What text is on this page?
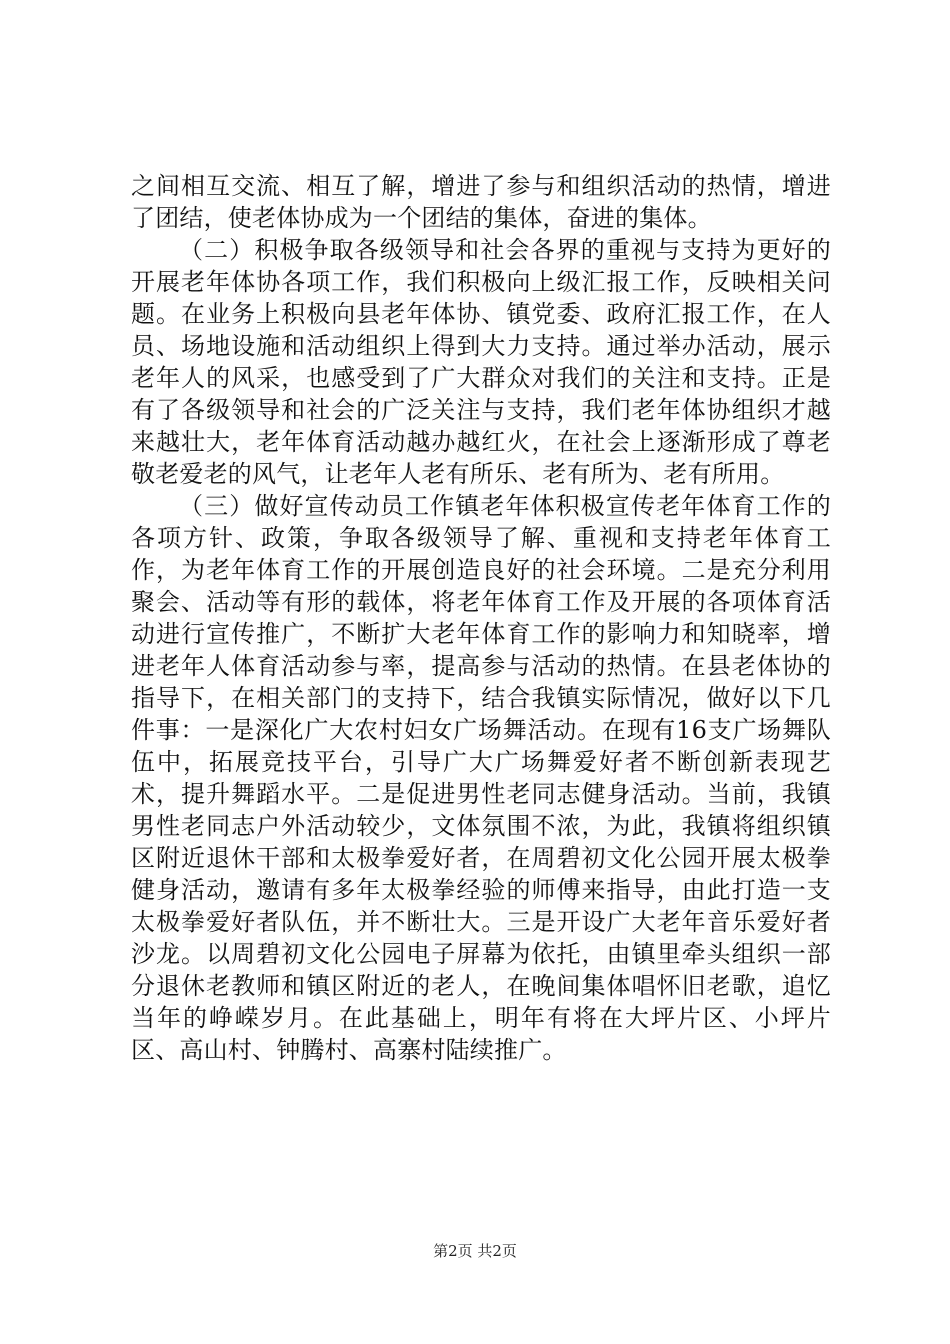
之间相互交流、相互了解，增进了参与和组织活动的热情，增进了团结，使老体协成为一个团结的集体，奋进的集体。

（二）积极争取各级领导和社会各界的重视与支持为更好的开展老年体协各项工作，我们积极向上级汇报工作，反映相关问题。在业务上积极向县老年体协、镇党委、政府汇报工作，在人员、场地设施和活动组织上得到大力支持。通过举办活动，展示老年人的风采，也感受到了广大群众对我们的关注和支持。正是有了各级领导和社会的广泛关注与支持，我们老年体协组织才越来越壮大，老年体育活动越办越红火，在社会上逐渐形成了尊老敬老爱老的风气，让老年人老有所乐、老有所为、老有所用。

（三）做好宣传动员工作镇老年体积极宣传老年体育工作的各项方针、政策，争取各级领导了解、重视和支持老年体育工作，为老年体育工作的开展创造良好的社会环境。二是充分利用聚会、活动等有形的载体，将老年体育工作及开展的各项体育活动进行宣传推广，不断扩大老年体育工作的影响力和知晓率，增进老年人体育活动参与率，提高参与活动的热情。在县老体协的指导下，在相关部门的支持下，结合我镇实际情况，做好以下几件事：一是深化广大农村妇女广场舞活动。在现有16支广场舞队伍中，拓展竞技平台，引导广大广场舞爱好者不断创新表现艺术，提升舞蹈水平。二是促进男性老同志健身活动。当前，我镇男性老同志户外活动较少，文体氛围不浓，为此，我镇将组织镇区附近退休干部和太极拳爱好者，在周碧初文化公园开展太极拳健身活动，邀请有多年太极拳经验的师傅来指导，由此打造一支太极拳爱好者队伍，并不断壮大。三是开设广大老年音乐爱好者沙龙。以周碧初文化公园电子屏幕为依托，由镇里牵头组织一部分退休老教师和镇区附近的老人，在晚间集体唱怀旧老歌，追忆当年的峥嵘岁月。在此基础上，明年有将在大坪片区、小坪片区、高山村、钟腾村、高寨村陆续推广。

第2页 共2页
